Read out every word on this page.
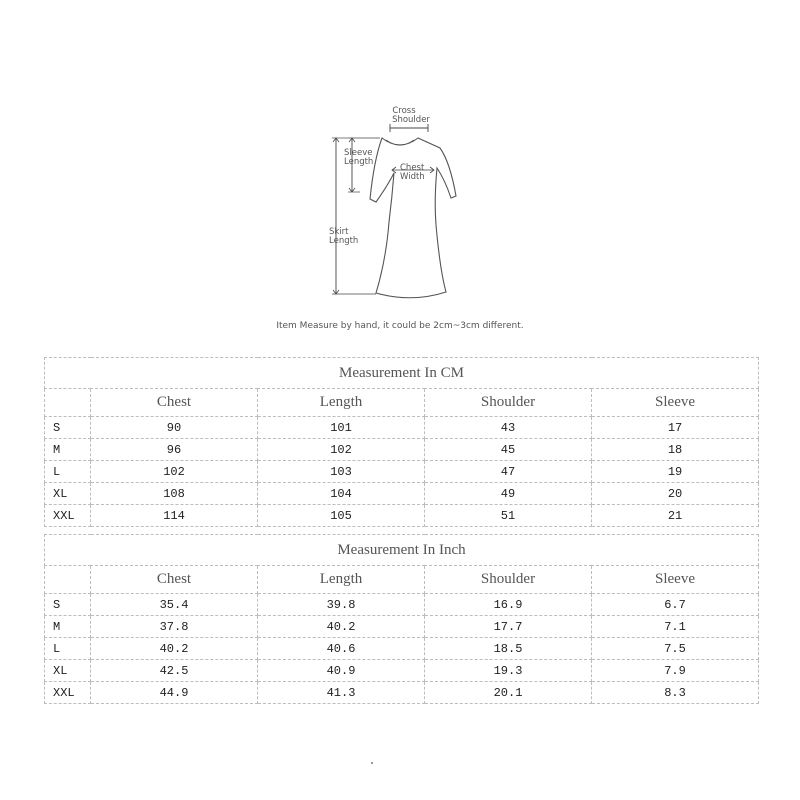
Cross
Shoulder
Sleeve
Length
Chest
Width
Skirt
Length
Item Measure by hand, it could be 2cm~3cm different.
Measurement In CM				
	Chest	Length	Shoulder	Sleeve
S	90	101	43	17
M	96	102	45	18
L	102	103	47	19
XL	108	104	49	20
XXL	114	105	51	21
Measurement In Inch				
	Chest	Length	Shoulder	Sleeve
S	35.4	39.8	16.9	6.7
M	37.8	40.2	17.7	7.1
L	40.2	40.6	18.5	7.5
XL	42.5	40.9	19.3	7.9
XXL	44.9	41.3	20.1	8.3
